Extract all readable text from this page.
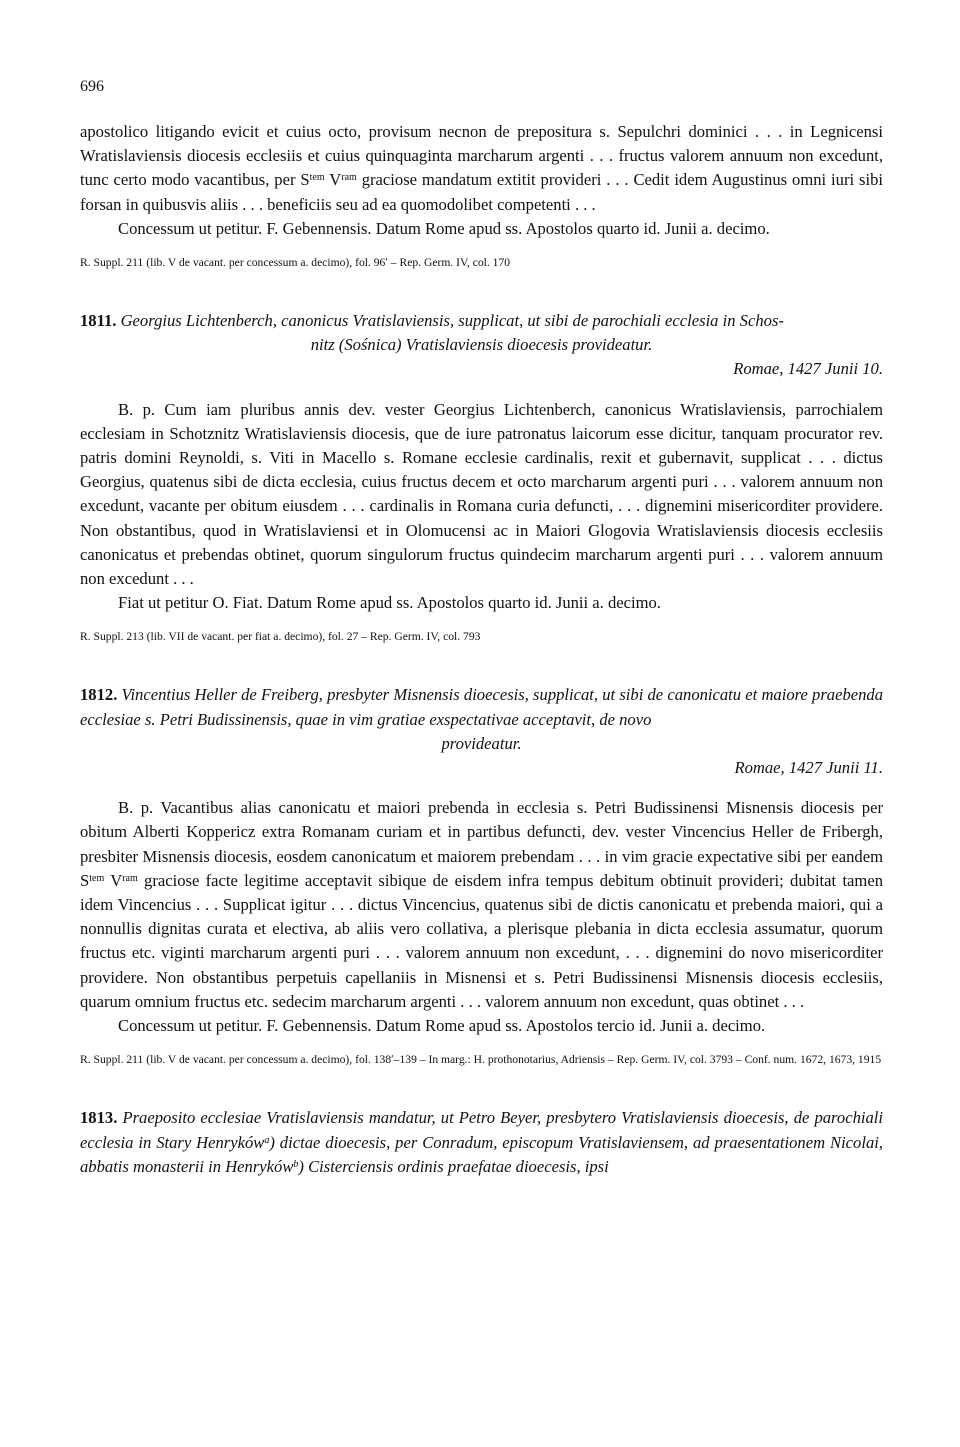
696

apostolico litigando evicit et cuius octo, provisum necnon de prepositura s. Sepulchri dominici . . . in Legnicensi Wratislaviensis diocesis ecclesiis et cuius quinquaginta marcharum argenti . . . fructus valorem annuum non excedunt, tunc certo modo vacantibus, per $S^{tem}$ $V^{ram}$ graciose mandatum extitit provideri . . . Cedit idem Augustinus omni iuri sibi forsan in quibusvis aliis . . . beneficiis seu ad ea quomodolibet competenti . . .

Concessum ut petitur. F. Gebennensis. Datum Rome apud ss. Apostolos quarto id. Junii a. decimo.

R. Suppl. 211 (lib. V de vacant. per concessum a. decimo), fol. 96ʹ – Rep. Germ. IV, col. 170

1811. Georgius Lichtenberch, canonicus Vratislaviensis, supplicat, ut sibi de parochiali ecclesia in Schos-
nitz (Sośnica) Vratislaviensis dioecesis provideatur.

Romae, 1427 Junii 10.

B. p. Cum iam pluribus annis dev. vester Georgius Lichtenberch, canonicus Wratislaviensis, parrochialem ecclesiam in Schotznitz Wratislaviensis diocesis, que de iure patronatus laicorum esse dicitur, tanquam procurator rev. patris domini Reynoldi, s. Viti in Macello s. Romane ecclesie cardinalis, rexit et gubernavit, supplicat . . . dictus Georgius, quatenus sibi de dicta ecclesia, cuius fructus decem et octo marcharum argenti puri . . . valorem annuum non excedunt, vacante per obitum eiusdem . . . cardinalis in Romana curia defuncti, . . . dignemini misericorditer providere. Non obstantibus, quod in Wratislaviensi et in Olomucensi ac in Maiori Glogovia Wratislaviensis diocesis ecclesiis canonicatus et prebendas obtinet, quorum singulorum fructus quindecim marcharum argenti puri . . . valorem annuum non excedunt . . .

Fiat ut petitur O. Fiat. Datum Rome apud ss. Apostolos quarto id. Junii a. decimo.

R. Suppl. 213 (lib. VII de vacant. per fiat a. decimo), fol. 27 – Rep. Germ. IV, col. 793

1812. Vincentius Heller de Freiberg, presbyter Misnensis dioecesis, supplicat, ut sibi de canonicatu et maiore praebenda ecclesiae s. Petri Budissinensis, quae in vim gratiae exspectativae acceptavit, de novo
provideatur.

Romae, 1427 Junii 11.

B. p. Vacantibus alias canonicatu et maiori prebenda in ecclesia s. Petri Budissinensi Misnensis diocesis per obitum Alberti Koppericz extra Romanam curiam et in partibus defuncti, dev. vester Vincencius Heller de Fribergh, presbiter Misnensis diocesis, eosdem canonicatum et maiorem prebendam . . . in vim gracie expectative sibi per eandem $S^{tem}$ $V^{ram}$ graciose facte legitime acceptavit sibique de eisdem infra tempus debitum obtinuit provideri; dubitat tamen idem Vincencius . . . Supplicat igitur . . . dictus Vincencius, quatenus sibi de dictis canonicatu et prebenda maiori, qui a nonnullis dignitas curata et electiva, ab aliis vero collativa, a plerisque plebania in dicta ecclesia assumatur, quorum fructus etc. viginti marcharum argenti puri . . . valorem annuum non excedunt, . . . dignemini do novo misericorditer providere. Non obstantibus perpetuis capellaniis in Misnensi et s. Petri Budissinensi Misnensis diocesis ecclesiis, quarum omnium fructus etc. sedecim marcharum argenti . . . valorem annuum non excedunt, quas obtinet . . .

Concessum ut petitur. F. Gebennensis. Datum Rome apud ss. Apostolos tercio id. Junii a. decimo.

R. Suppl. 211 (lib. V de vacant. per concessum a. decimo), fol. 138ʹ–139 – In marg.: H. prothonotarius, Adriensis – Rep. Germ. IV, col. 3793 – Conf. num. 1672, 1673, 1915

1813. Praeposito ecclesiae Vratislaviensis mandatur, ut Petro Beyer, presbytero Vratislaviensis dioecesis, de parochiali ecclesia in Stary Henryków$^a$) dictae dioecesis, per Conradum, episcopum Vratislaviensem, ad praesentationem Nicolai, abbatis monasterii in Henryków$^b$) Cisterciensis ordinis praefatae dioecesis, ipsi
